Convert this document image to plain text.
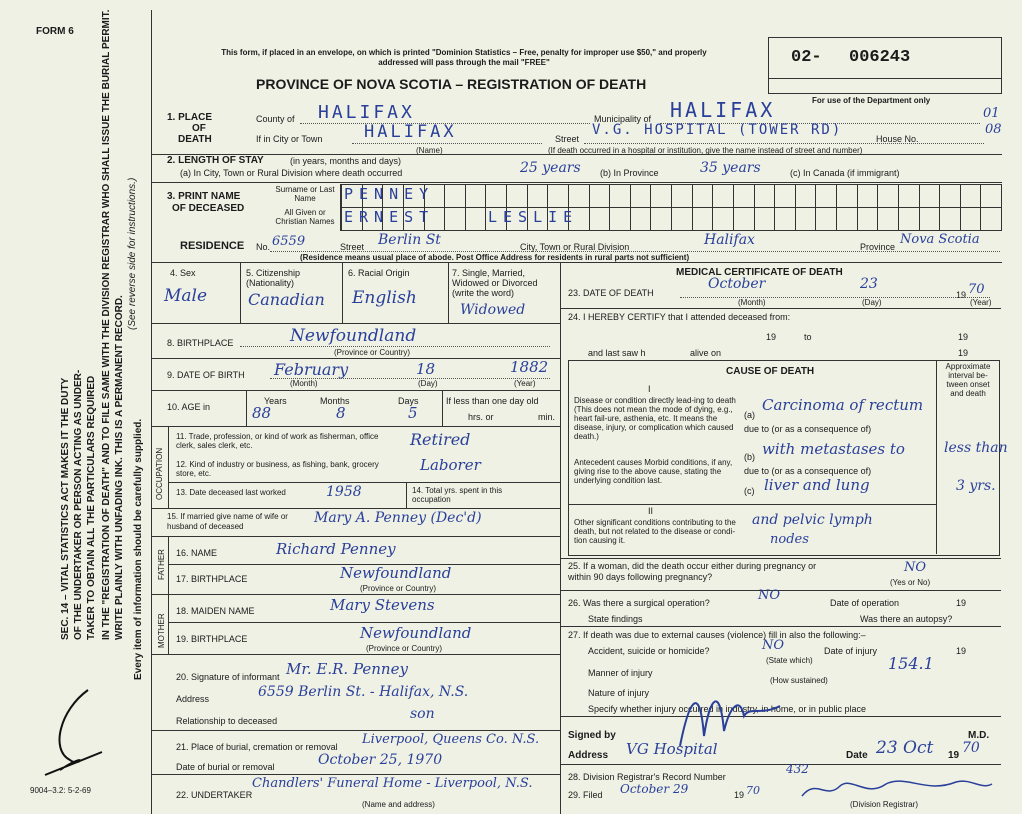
FORM 6
This form, if placed in an envelope, on which is printed "Dominion Statistics – Free, penalty for improper use $50," and properly addressed will pass through the mail "FREE"
PROVINCE OF NOVA SCOTIA – REGISTRATION OF DEATH
02- 006243
For use of the Department only
01
08
SEC. 14 – VITAL STATISTICS ACT MAKES IT THE DUTY OF THE UNDERTAKER OR PERSON ACTING AS UNDER- TAKER TO OBTAIN ALL THE PARTICULARS REQUIRED IN THE "REGISTRATION OF DEATH" AND TO FILE SAME WITH THE DIVISION REGISTRAR WHO SHALL ISSUE THE BURIAL PERMIT. WRITE PLAINLY WITH UNFADING INK. THIS IS A PERMANENT RECORD.
(See reverse side for instructions.)
Every item of information should be carefully supplied.
9004–3.2: 5-2-69
1. PLACE
OF
DEATH
County of HALIFAX	Municipality of HALIFAX
If in City or Town HALIFAX
(Name)
Street
V.G. HOSPITAL (TOWER RD)
House No.
(If death occurred in a hospital or institution, give the name instead of street and number)
2. LENGTH OF STAY	(in years, months and days)
(a) In City, Town or Rural Division where death occurred	25 years (b) In Province	35 years	(c) In Canada (if immigrant)
3. PRINT NAME
OF DECEASED
Surname or Last Name
All Given or Christian Names
PENNEY
ERNEST	LESLIE
RESIDENCE No. 6559	Street Berlin St	City, Town or Rural Division	Halifax	Province Nova Scotia
(Residence means usual place of abode. Post Office Address for residents in rural parts not sufficient)
4. Sex
Male
5. Citizenship (Nationality)
Canadian
6. Racial Origin
English
7. Single, Married, Widowed or Divorced (write the word)
Widowed
8. BIRTHPLACE	Newfoundland
(Province or Country)
9. DATE OF BIRTH February	18	1882
(Month)	(Day)	(Year)
10. AGE in
Years
88
Months
8
Days
5
If less than one day old
hrs. or	min.
OCCUPATION
11. Trade, profession, or kind of work as fisherman, office clerk, sales clerk, etc.	Retired
12. Kind of industry or business, as fishing, bank, grocery store, etc.	Laborer
13. Date deceased last worked	1958	14. Total yrs. spent in this occupation
15. If married give name of wife or husband of deceased
Mary A. Penney (Dec'd)
FATHER 16. NAME	Richard Penney
17. BIRTHPLACE	Newfoundland
(Province or Country)
MOTHER
18. MAIDEN NAME	Mary Stevens
19. BIRTHPLACE	Newfoundland
(Province or Country)
20. Signature of informant Mr. E.R. Penney
Address	6559 Berlin St. - Halifax, N.S.
Relationship to deceased	son
21. Place of burial, cremation or removal Liverpool, Queens Co. N.S.
Date of burial or removal	October 25, 1970
22. UNDERTAKER
Chandlers' Funeral Home - Liverpool, N.S.
(Name and address)
MEDICAL CERTIFICATE OF DEATH
23. DATE OF DEATH
October	23
19 70
(Month)	(Day)	(Year)
24. I HEREBY CERTIFY that I attended deceased from:
19	to	19
and last saw h	alive on	19
CAUSE OF DEATH	Approximate interval be-tween onset and death
I
Disease or condition directly lead-ing to death (This does not mean the mode of dying, e.g., heart fail-ure, asthenia, etc. It means the disease, injury, or complication which caused death.)
(a)
Carcinoma of rectum
due to (or as a consequence of)
Antecedent causes Morbid conditions, if any, giving rise to the above cause, stating the underlying condition last.
(b) with metastases to
due to (or as a consequence of)
(c) liver and lung
less than
3 yrs.
II
Other significant conditions contributing to the death, but not related to the disease or condi-tion causing it.
and pelvic lymph
nodes
25. If a woman, did the death occur either during pregnancy or within 90 days following pregnancy?
NO
(Yes or No)
26. Was there a surgical operation?	NO	Date of operation	19
State findings	Was there an autopsy?
27. If death was due to external causes (violence) fill in also the following:–
Accident, suicide or homicide?	NO
(State which)
Date of injury	19
Manner of injury	154.1
(How sustained)
Nature of injury
Specify whether injury occurred in industry, in home, or in public place
Signed by	M.D.
Address VG Hospital	Date 23 Oct 19 70
28. Division Registrar's Record Number
432
29. Filed October 29	19 70
(Division Registrar)
